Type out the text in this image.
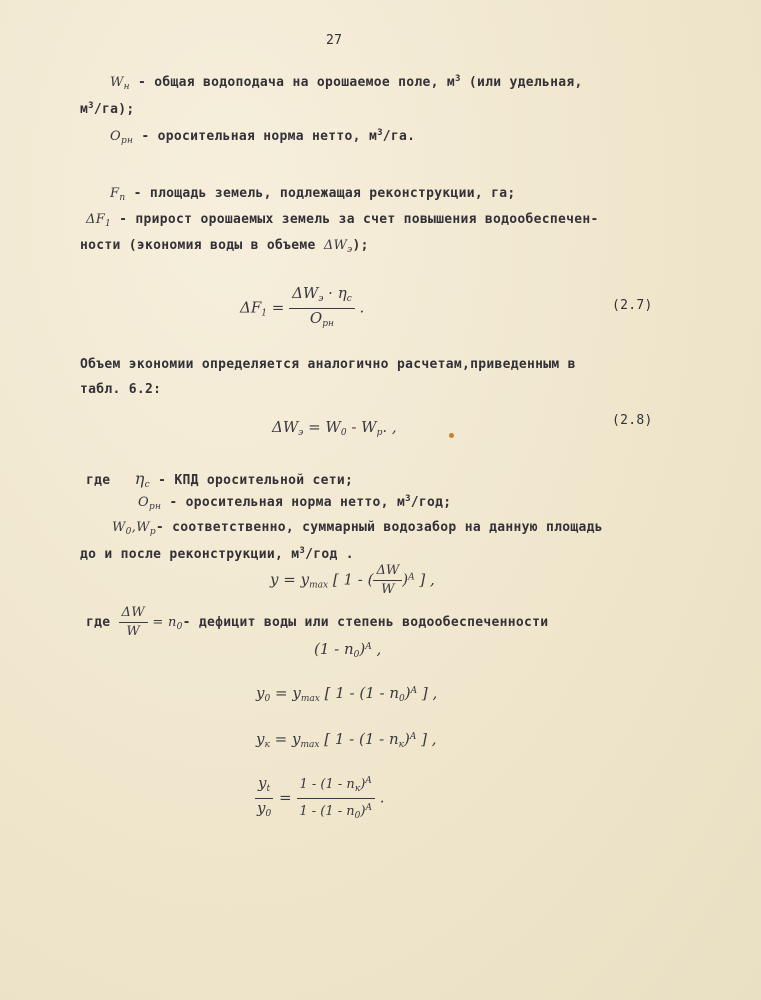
27
$W_н$ - общая водоподача на орошаемое поле, $м^3$ (или удельная,
$м^3/га$);
$O_{рн}$ - оросительная норма нетто, $м^3/га$.
$F_п$ - площадь земель, подлежащая реконструкции, га;
$\Delta F_1$ - прирост орошаемых земель за счет повышения водообеспечен-
ности (экономия воды в объеме $\Delta W_э$);
$\Delta F_1 = \frac{\Delta W_э \cdot \eta_с}{O_{рн}}$ .	(2.7)
Объем экономии определяется аналогично расчетам,приведенным в
табл. 6.2:
$\Delta W_э = W_0 - W_р$. ,	(2.8)
где $\eta_с$ - КПД оросительной сети;
$O_{рн}$ - оросительная норма нетто, $м^3$/год;
$W_0,W_р-$ соответственно, суммарный водозабор на данную площадь
до и после реконструкции, $м^3$/год .
$y = y_{max}$ [ 1 - ( $\frac{\Delta W}{W} )^A$ ] ,
где $\frac{\Delta W}{W} = n_0-$ дефицит воды или степень водообеспеченности
$(1 - n_0)^A$ ,
$y_0 = y_{max}$ [ $1 - (1 - n_0)^A$ ] ,
$y_к = y_{max}$ [ $1 - (1 - n_к)^A$ ] ,
$\frac{y_t}{y_0} = \frac{1 - (1 - n_к)^A}{1 - (1 - n_0)^A}$ .
